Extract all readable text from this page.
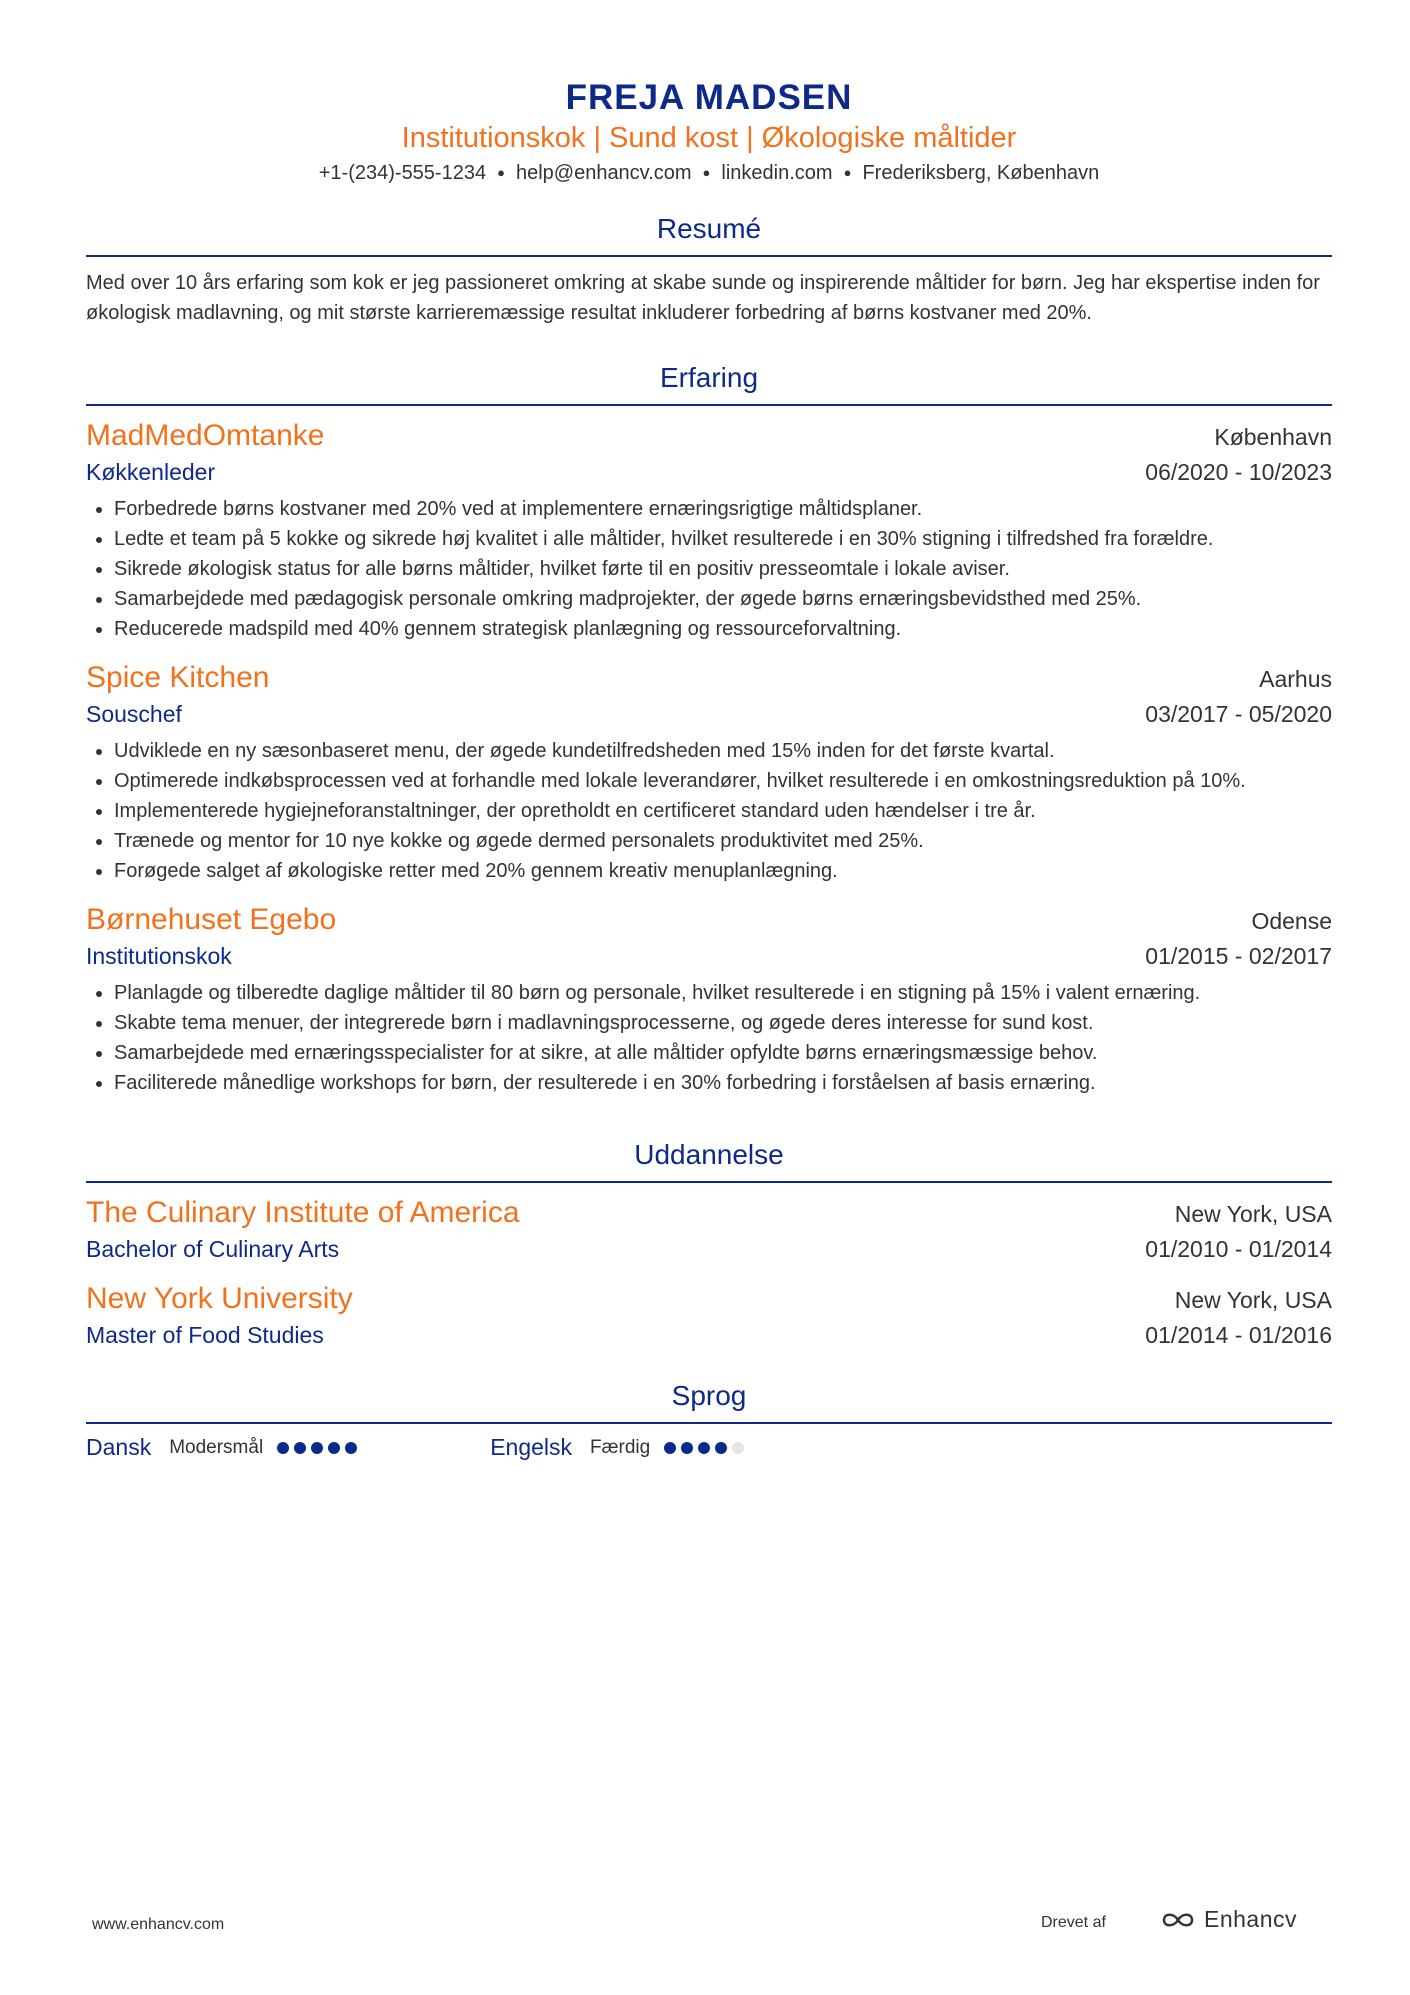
FREJA MADSEN
Institutionskok | Sund kost | Økologiske måltider
+1-(234)-555-1234 ● help@enhancv.com ● linkedin.com ● Frederiksberg, København
Resumé
Med over 10 års erfaring som kok er jeg passioneret omkring at skabe sunde og inspirerende måltider for børn. Jeg har ekspertise inden for økologisk madlavning, og mit største karrieremæssige resultat inkluderer forbedring af børns kostvaner med 20%.
Erfaring
MadMedOmtanke	København
Køkkenleder	06/2020 - 10/2023
• Forbedrede børns kostvaner med 20% ved at implementere ernæringsrigtige måltidsplaner.
• Ledte et team på 5 kokke og sikrede høj kvalitet i alle måltider, hvilket resulterede i en 30% stigning i tilfredshed fra forældre.
• Sikrede økologisk status for alle børns måltider, hvilket førte til en positiv presseomtale i lokale aviser.
• Samarbejdede med pædagogisk personale omkring madprojekter, der øgede børns ernæringsbevidsthed med 25%.
• Reducerede madspild med 40% gennem strategisk planlægning og ressourceforvaltning.
Spice Kitchen	Aarhus
Souschef	03/2017 - 05/2020
• Udviklede en ny sæsonbaseret menu, der øgede kundetilfredsheden med 15% inden for det første kvartal.
• Optimerede indkøbsprocessen ved at forhandle med lokale leverandører, hvilket resulterede i en omkostningsreduktion på 10%.
• Implementerede hygiejneforanstaltninger, der opretholdt en certificeret standard uden hændelser i tre år.
• Trænede og mentor for 10 nye kokke og øgede dermed personalets produktivitet med 25%.
• Forøgede salget af økologiske retter med 20% gennem kreativ menuplanlægning.
Børnehuset Egebo	Odense
Institutionskok	01/2015 - 02/2017
• Planlagde og tilberedte daglige måltider til 80 børn og personale, hvilket resulterede i en stigning på 15% i valent ernæring.
• Skabte tema menuer, der integrerede børn i madlavningsprocesserne, og øgede deres interesse for sund kost.
• Samarbejdede med ernæringsspecialister for at sikre, at alle måltider opfyldte børns ernæringsmæssige behov.
• Faciliterede månedlige workshops for børn, der resulterede i en 30% forbedring i forståelsen af basis ernæring.
Uddannelse
The Culinary Institute of America	New York, USA
Bachelor of Culinary Arts	01/2010 - 01/2014
New York University	New York, USA
Master of Food Studies	01/2014 - 01/2016
Sprog
Dansk Modersmål	Engelsk Færdig
www.enhancv.com	Drevet af	Enhancv
